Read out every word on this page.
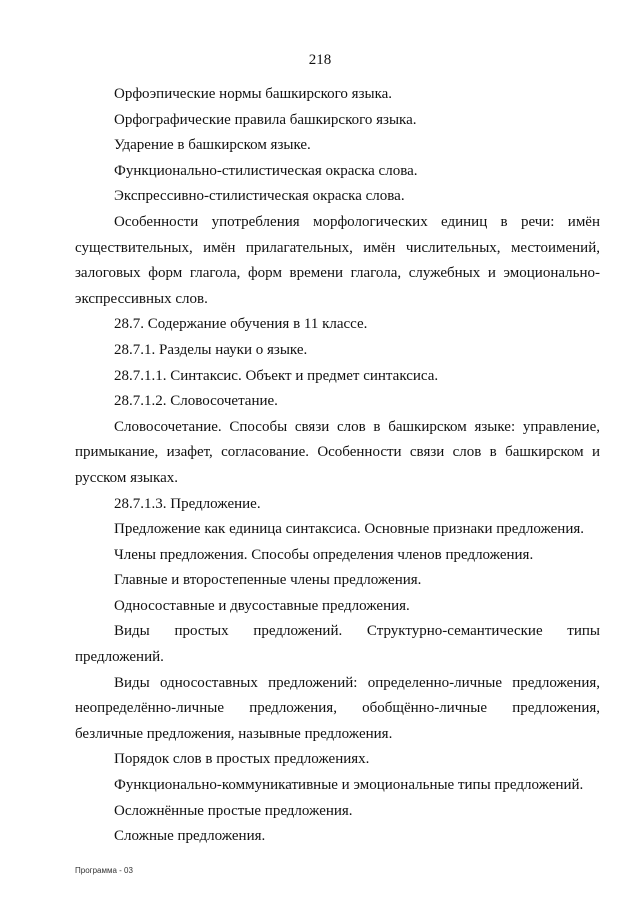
218

Орфоэпические нормы башкирского языка.

Орфографические правила башкирского языка.

Ударение в башкирском языке.

Функционально-стилистическая окраска слова.

Экспрессивно-стилистическая окраска слова.

Особенности употребления морфологических единиц в речи: имён существительных, имён прилагательных, имён числительных, местоимений, залоговых форм глагола, форм времени глагола, служебных и эмоционально-экспрессивных слов.

28.7. Содержание обучения в 11 классе.

28.7.1. Разделы науки о языке.

28.7.1.1. Синтаксис. Объект и предмет синтаксиса.

28.7.1.2. Словосочетание.

Словосочетание. Способы связи слов в башкирском языке: управление, примыкание, изафет, согласование. Особенности связи слов в башкирском и русском языках.

28.7.1.3. Предложение.

Предложение как единица синтаксиса. Основные признаки предложения.

Члены предложения. Способы определения членов предложения.

Главные и второстепенные члены предложения.

Односоставные и двусоставные предложения.

Виды простых предложений. Структурно-семантические типы предложений.

Виды односоставных предложений: определенно-личные предложения, неопределённо-личные предложения, обобщённо-личные предложения, безличные предложения, назывные предложения.

Порядок слов в простых предложениях.

Функционально-коммуникативные и эмоциональные типы предложений.

Осложнённые простые предложения.

Сложные предложения.

Программа - 03
